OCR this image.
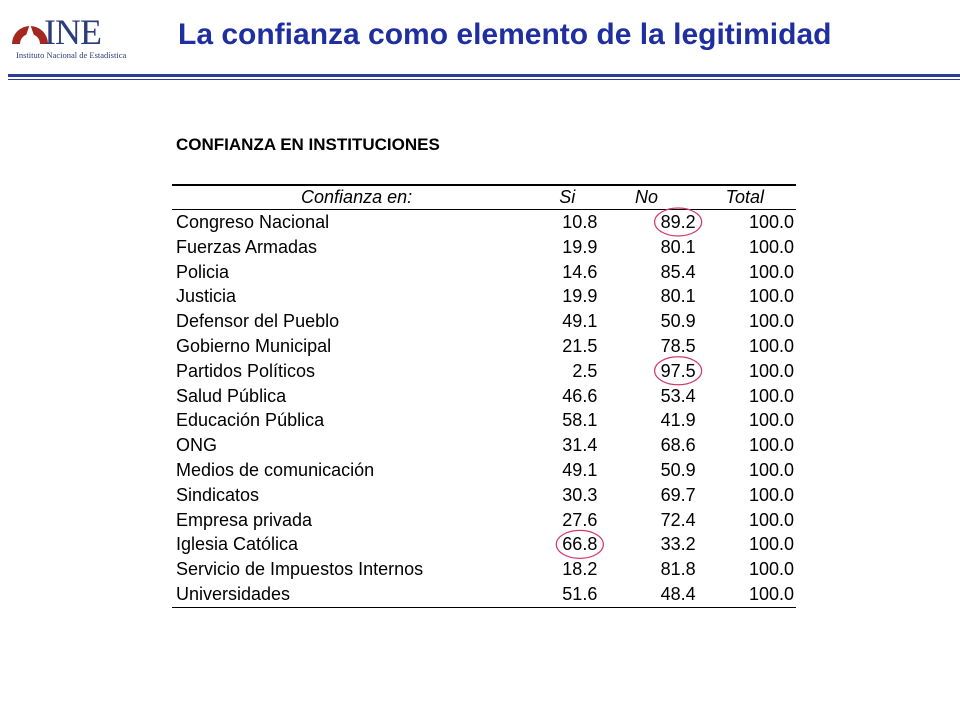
INE
Instituto Nacional de Estadística
La confianza como elemento de la legitimidad
CONFIANZA EN INSTITUCIONES
Confianza en:	Si	No	Total
Congreso Nacional	10.8	89.2	100.0
Fuerzas Armadas	19.9	80.1	100.0
Policia	14.6	85.4	100.0
Justicia	19.9	80.1	100.0
Defensor del Pueblo	49.1	50.9	100.0
Gobierno Municipal	21.5	78.5	100.0
Partidos Políticos	2.5	97.5	100.0
Salud Pública	46.6	53.4	100.0
Educación Pública	58.1	41.9	100.0
ONG	31.4	68.6	100.0
Medios de comunicación	49.1	50.9	100.0
Sindicatos	30.3	69.7	100.0
Empresa privada	27.6	72.4	100.0
Iglesia Católica	66.8	33.2	100.0
Servicio de Impuestos Internos	18.2	81.8	100.0
Universidades	51.6	48.4	100.0
